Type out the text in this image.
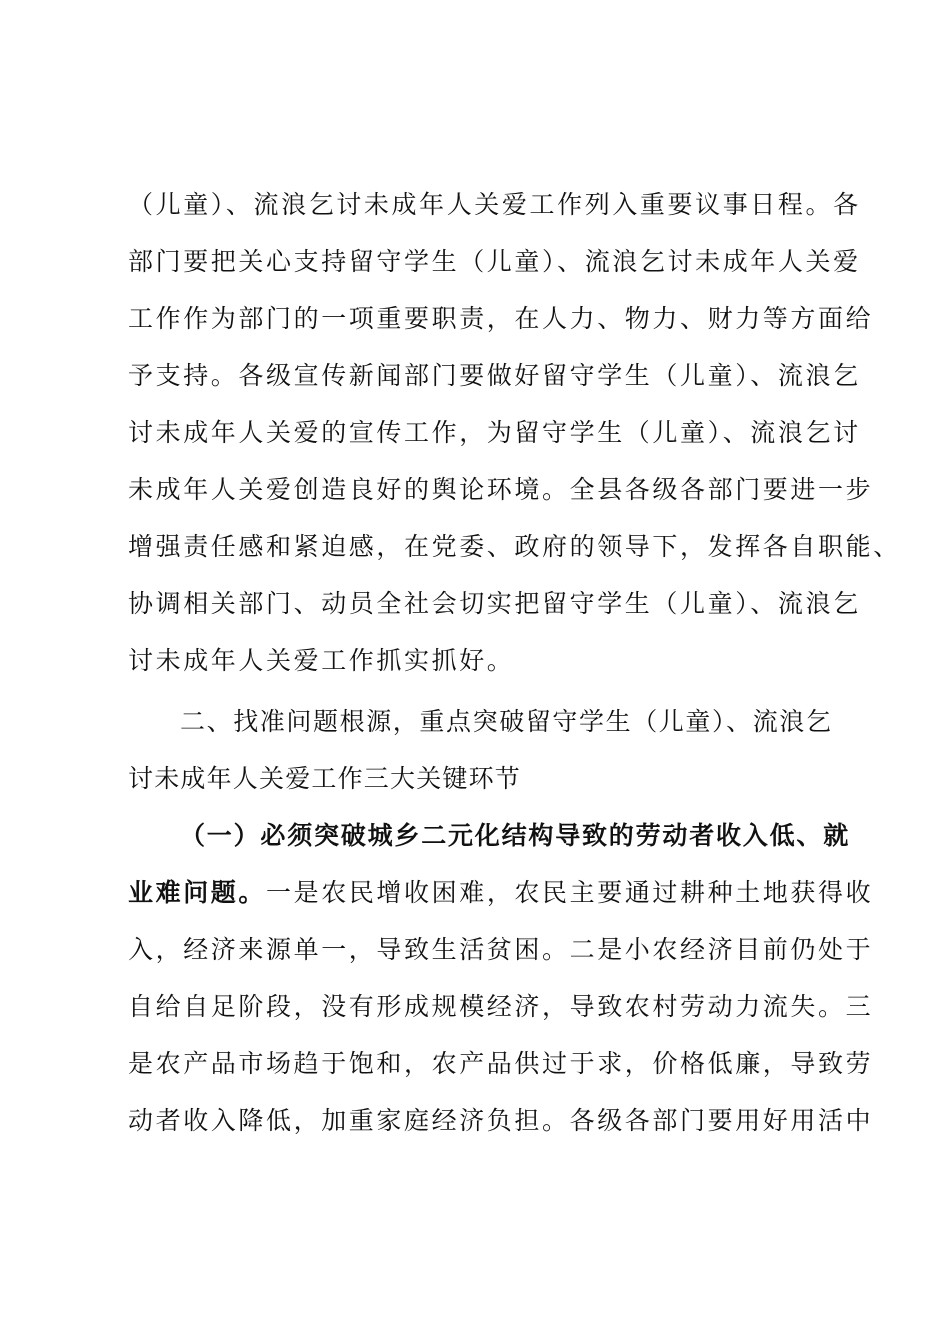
（儿童）、流浪乞讨未成年人关爱工作列入重要议事日程。各
部门要把关心支持留守学生（儿童）、流浪乞讨未成年人关爱
工作作为部门的一项重要职责，在人力、物力、财力等方面给
予支持。各级宣传新闻部门要做好留守学生（儿童）、流浪乞
讨未成年人关爱的宣传工作，为留守学生（儿童）、流浪乞讨
未成年人关爱创造良好的舆论环境。全县各级各部门要进一步
增强责任感和紧迫感，在党委、政府的领导下，发挥各自职能、
协调相关部门、动员全社会切实把留守学生（儿童）、流浪乞
讨未成年人关爱工作抓实抓好。
二、找准问题根源，重点突破留守学生（儿童）、流浪乞
讨未成年人关爱工作三大关键环节
（一）必须突破城乡二元化结构导致的劳动者收入低、就
业难问题。一是农民增收困难，农民主要通过耕种土地获得收
入，经济来源单一，导致生活贫困。二是小农经济目前仍处于
自给自足阶段，没有形成规模经济，导致农村劳动力流失。三
是农产品市场趋于饱和，农产品供过于求，价格低廉，导致劳
动者收入降低，加重家庭经济负担。各级各部门要用好用活中
